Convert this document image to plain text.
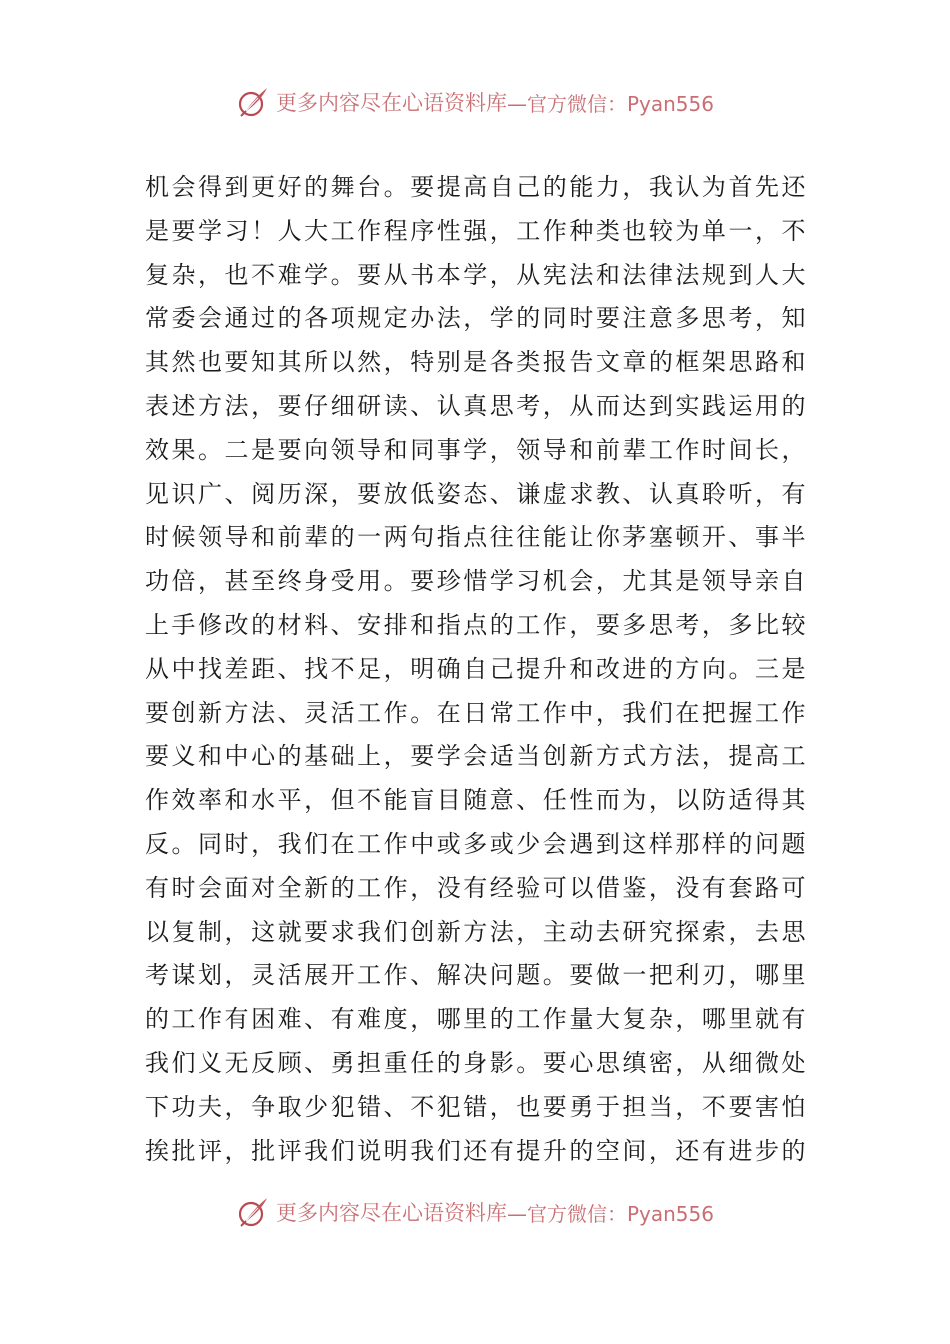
更多内容尽在心语资料库 —官方微信：Pyan556
机会得到更好的舞台。要提高自己的能力，我认为首先还
是要学习！人大工作程序性强，工作种类也较为单一，不
复杂，也不难学。要从书本学，从宪法和法律法规到人大
常委会通过的各项规定办法，学的同时要注意多思考，知
其然也要知其所以然，特别是各类报告文章的框架思路和
表述方法，要仔细研读、认真思考，从而达到实践运用的
效果。二是要向领导和同事学，领导和前辈工作时间长，
见识广、阅历深，要放低姿态、谦虚求教、认真聆听，有
时候领导和前辈的一两句指点往往能让你茅塞顿开、事半
功倍，甚至终身受用。要珍惜学习机会，尤其是领导亲自
上手修改的材料、安排和指点的工作，要多思考，多比较
从中找差距、找不足，明确自己提升和改进的方向。三是
要创新方法、灵活工作。在日常工作中，我们在把握工作
要义和中心的基础上，要学会适当创新方式方法，提高工
作效率和水平，但不能盲目随意、任性而为，以防适得其
反。同时，我们在工作中或多或少会遇到这样那样的问题
有时会面对全新的工作，没有经验可以借鉴，没有套路可
以复制，这就要求我们创新方法，主动去研究探索，去思
考谋划，灵活展开工作、解决问题。要做一把利刃，哪里
的工作有困难、有难度，哪里的工作量大复杂，哪里就有
我们义无反顾、勇担重任的身影。要心思缜密，从细微处
下功夫，争取少犯错、不犯错，也要勇于担当，不要害怕
挨批评，批评我们说明我们还有提升的空间，还有进步的
更多内容尽在心语资料库 —官方微信：Pyan556
